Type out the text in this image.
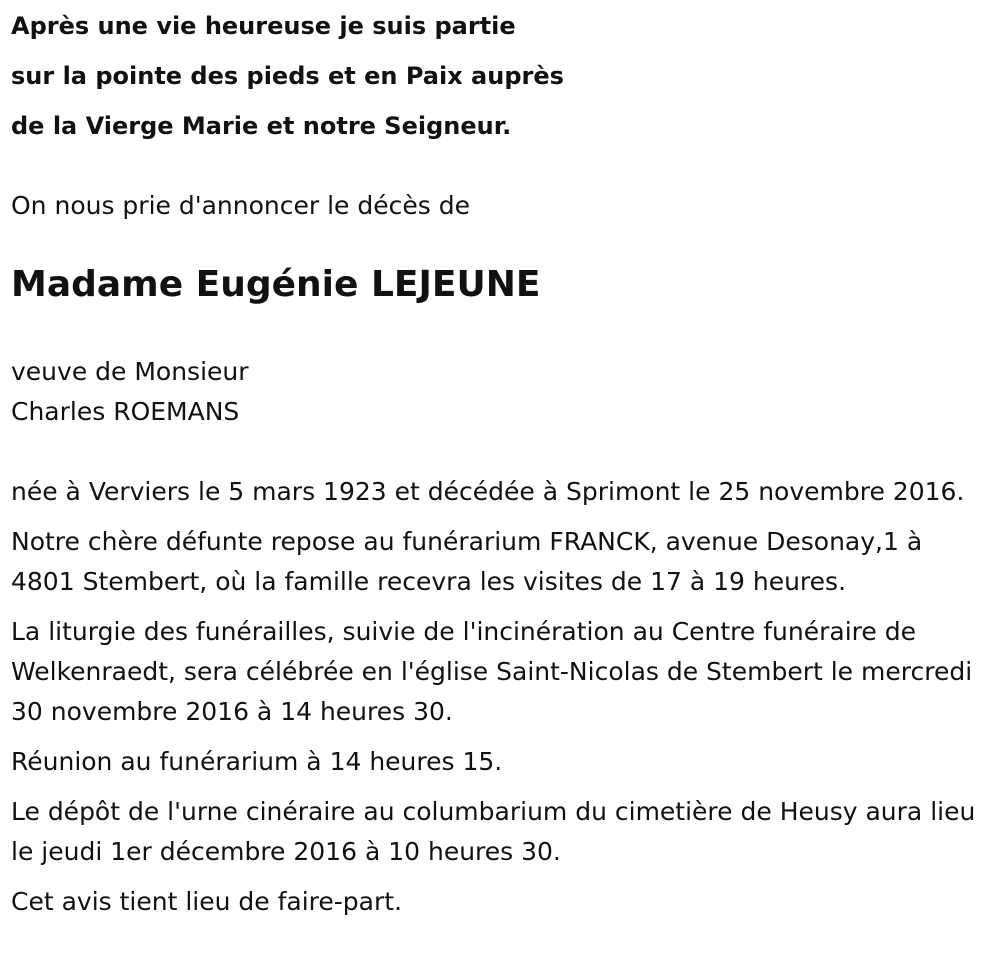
Après une vie heureuse je suis partie
sur la pointe des pieds et en Paix auprès
de la Vierge Marie et notre Seigneur.

On nous prie d'annoncer le décès de

Madame Eugénie LEJEUNE
veuve de Monsieur
Charles ROEMANS

née à Verviers le 5 mars 1923 et décédée à Sprimont le 25 novembre 2016.

Notre chère défunte repose au funérarium FRANCK, avenue Desonay,1 à 4801 Stembert, où la famille recevra les visites de 17 à 19 heures.

La liturgie des funérailles, suivie de l'incinération au Centre funéraire de Welkenraedt, sera célébrée en l'église Saint-Nicolas de Stembert le mercredi 30 novembre 2016 à 14 heures 30.

Réunion au funérarium à 14 heures 15.

Le dépôt de l'urne cinéraire au columbarium du cimetière de Heusy aura lieu le jeudi 1er décembre 2016 à 10 heures 30.

Cet avis tient lieu de faire-part.
